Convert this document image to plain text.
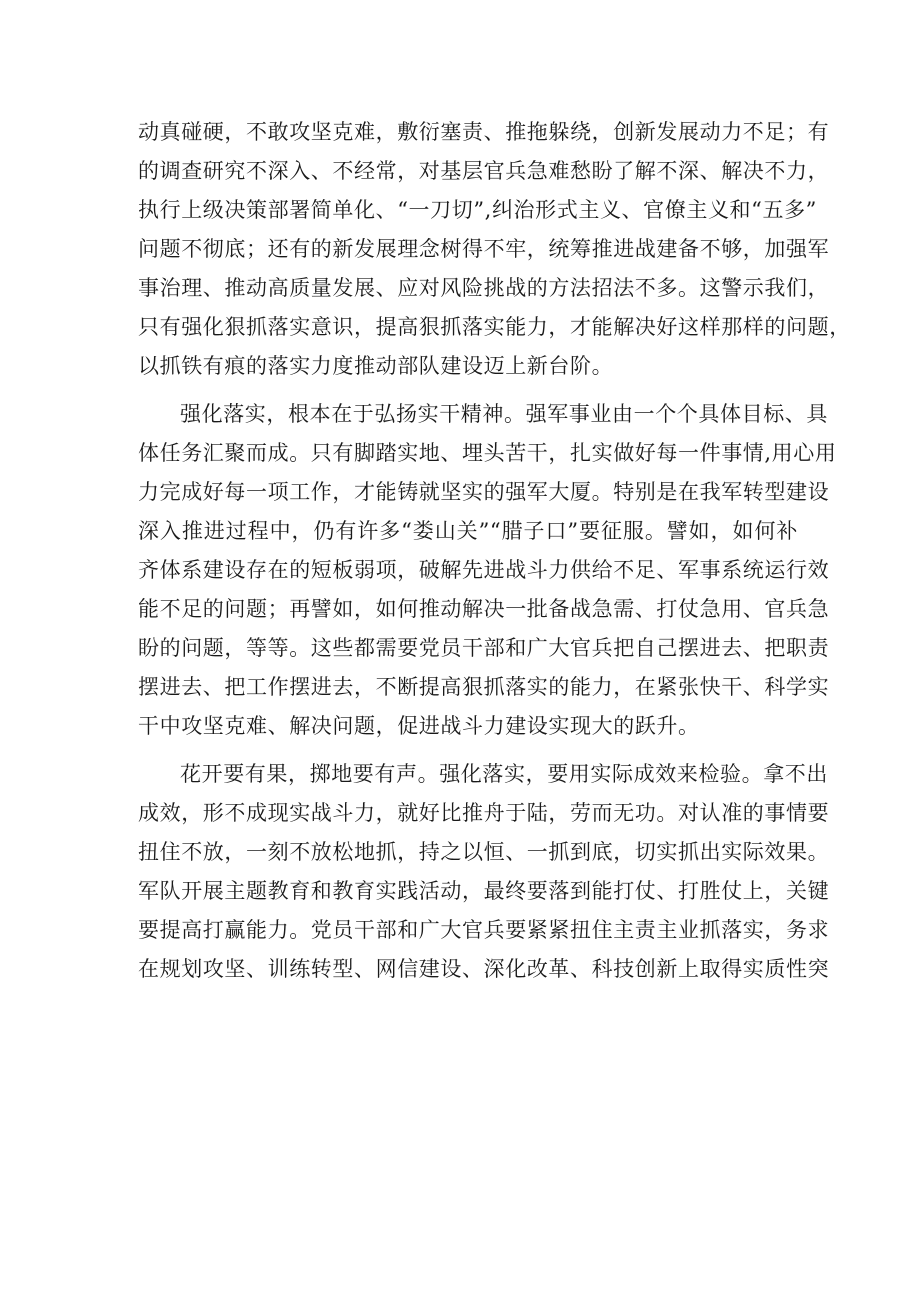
动真碰硬，不敢攻坚克难，敷衍塞责、推拖躲绕，创新发展动力不足；有
的调查研究不深入、不经常，对基层官兵急难愁盼了解不深、解决不力，
执行上级决策部署简单化、“一刀切”,纠治形式主义、官僚主义和“五多”
问题不彻底；还有的新发展理念树得不牢，统筹推进战建备不够，加强军
事治理、推动高质量发展、应对风险挑战的方法招法不多。这警示我们，
只有强化狠抓落实意识，提高狠抓落实能力，才能解决好这样那样的问题，
以抓铁有痕的落实力度推动部队建设迈上新台阶。
强化落实，根本在于弘扬实干精神。强军事业由一个个具体目标、具
体任务汇聚而成。只有脚踏实地、埋头苦干，扎实做好每一件事情,用心用
力完成好每一项工作，才能铸就坚实的强军大厦。特别是在我军转型建设
深入推进过程中，仍有许多“娄山关”“腊子口”要征服。譬如，如何补
齐体系建设存在的短板弱项，破解先进战斗力供给不足、军事系统运行效
能不足的问题；再譬如，如何推动解决一批备战急需、打仗急用、官兵急
盼的问题，等等。这些都需要党员干部和广大官兵把自己摆进去、把职责
摆进去、把工作摆进去，不断提高狠抓落实的能力，在紧张快干、科学实
干中攻坚克难、解决问题，促进战斗力建设实现大的跃升。
花开要有果，掷地要有声。强化落实，要用实际成效来检验。拿不出
成效，形不成现实战斗力，就好比推舟于陆，劳而无功。对认准的事情要
扭住不放，一刻不放松地抓，持之以恒、一抓到底，切实抓出实际效果。
军队开展主题教育和教育实践活动，最终要落到能打仗、打胜仗上，关键
要提高打赢能力。党员干部和广大官兵要紧紧扭住主责主业抓落实，务求
在规划攻坚、训练转型、网信建设、深化改革、科技创新上取得实质性突
